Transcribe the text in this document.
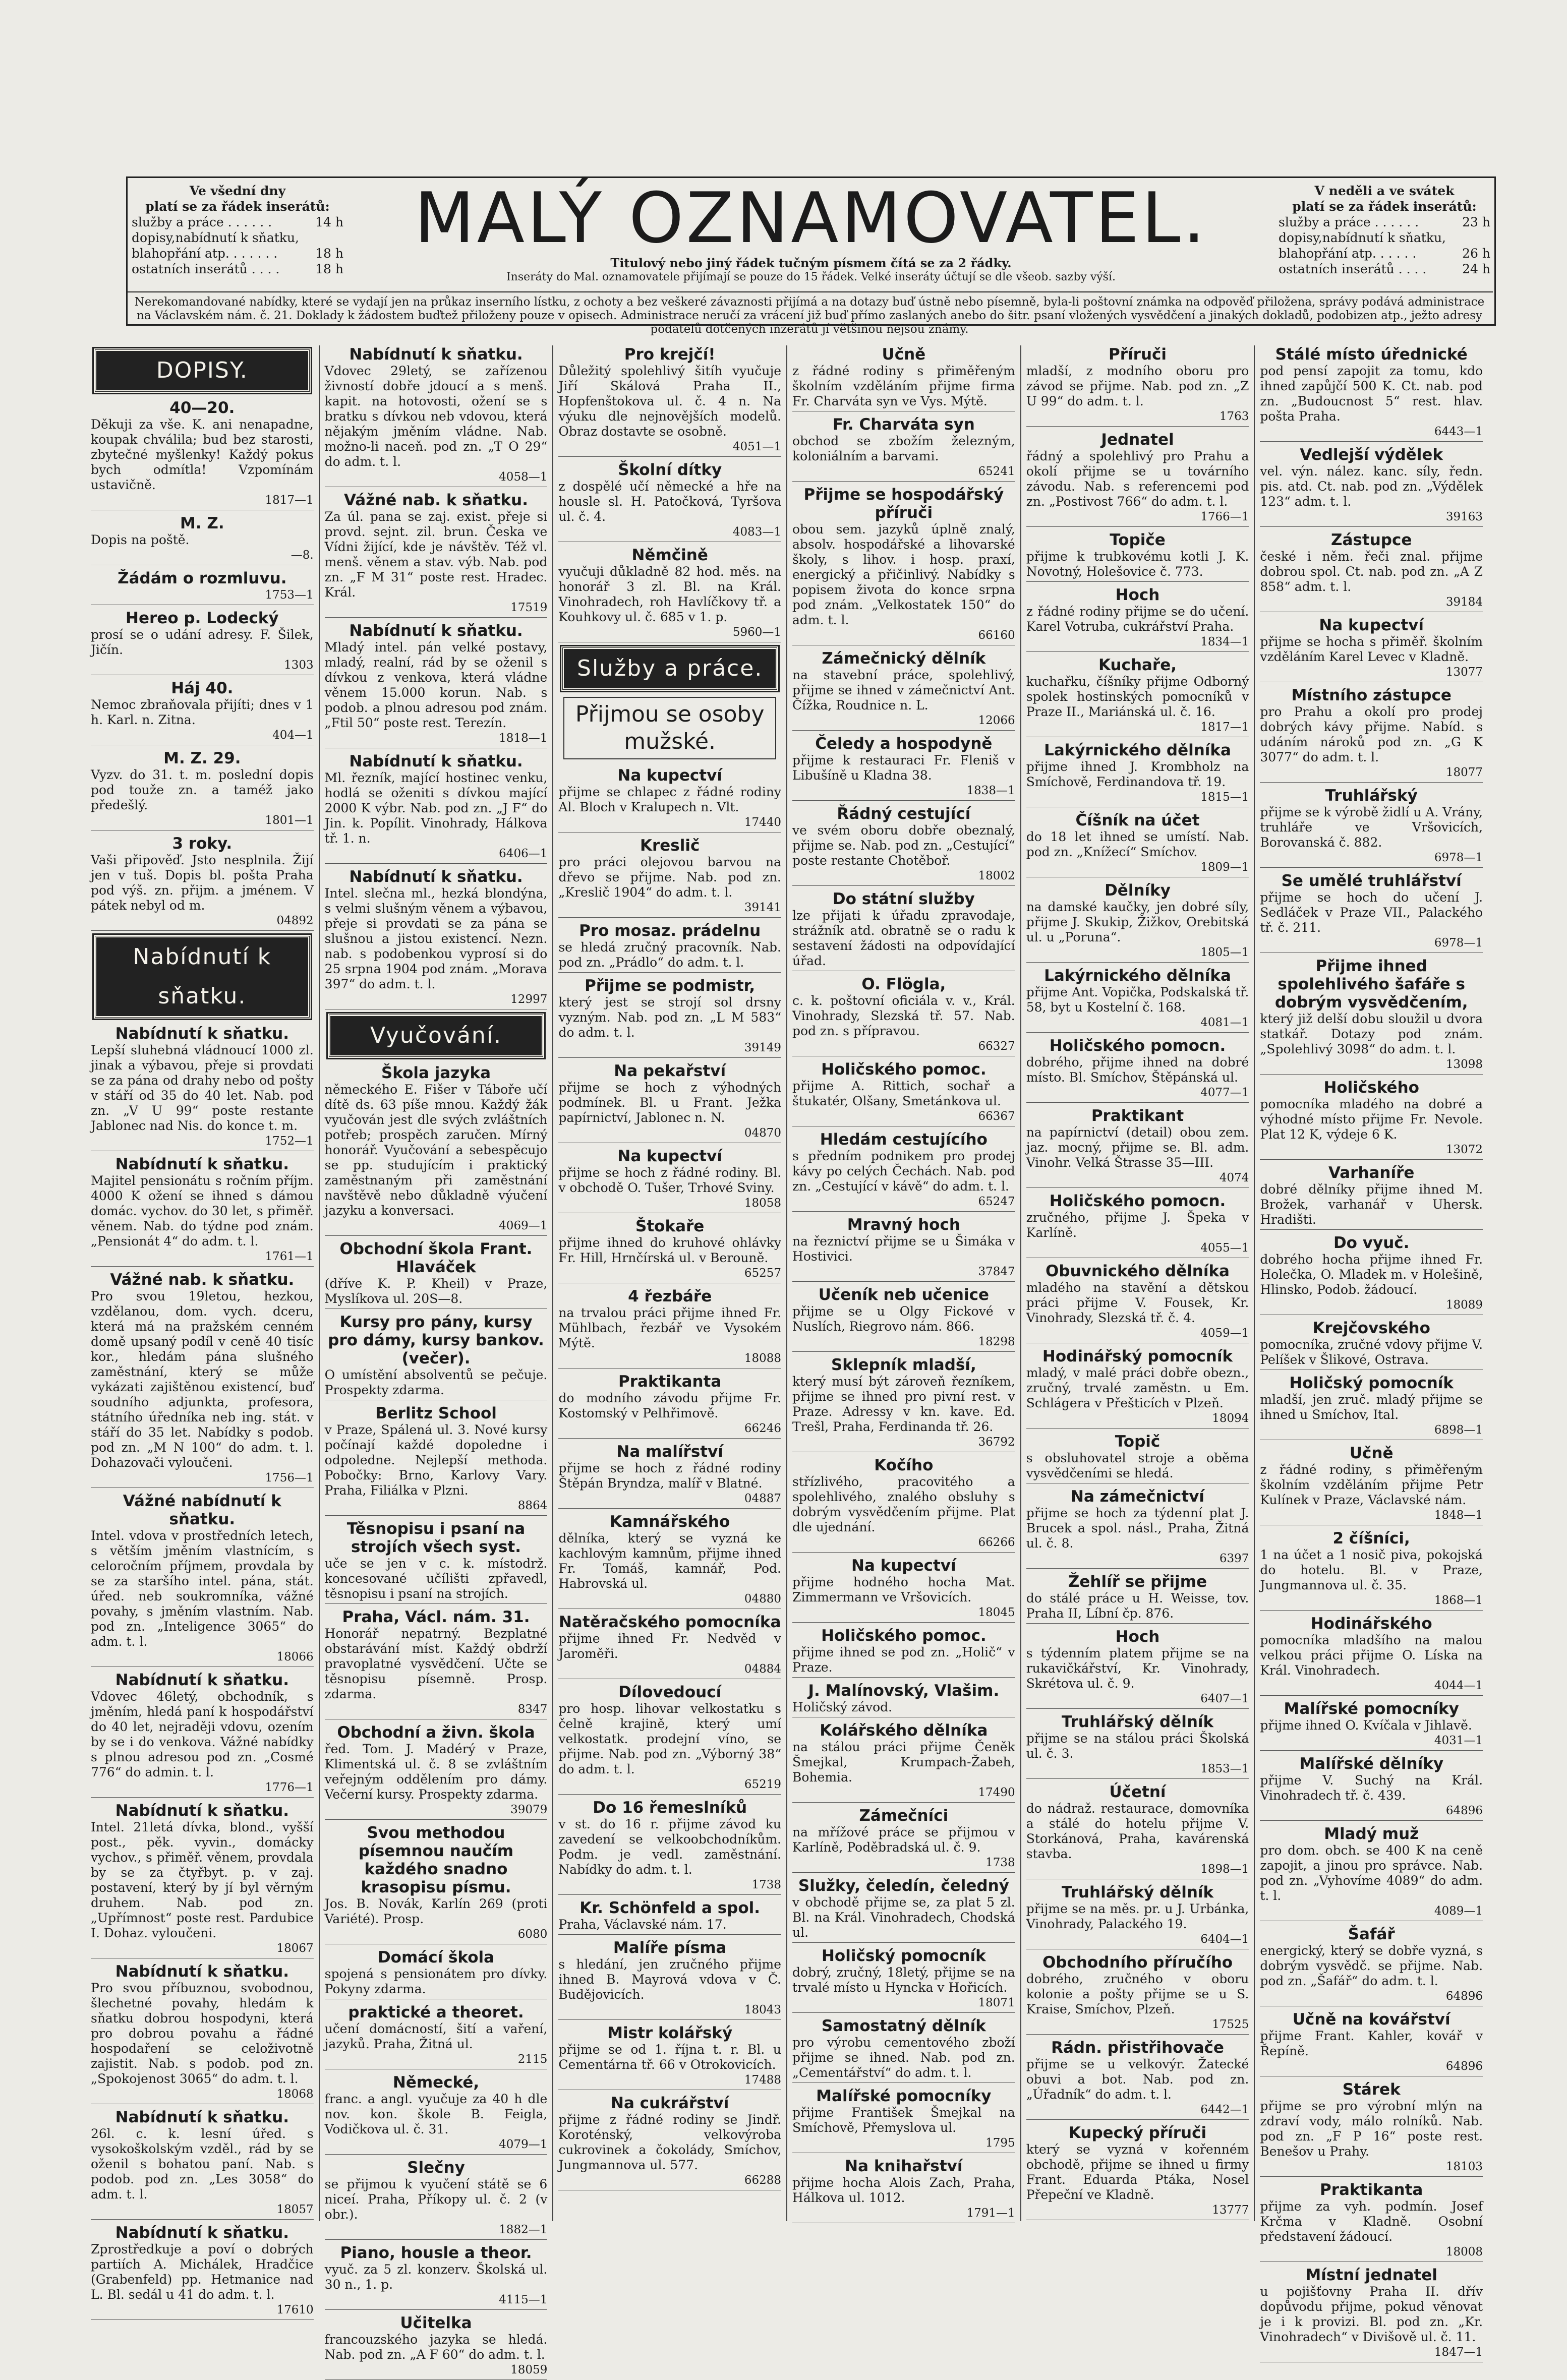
Ve všední dny
platí se za řádek inserátů:
služby a práce . . . . . .	14 h
dopisy,nabídnutí k sňatku,
blahopřání atp. . . . . . .	18 h
ostatních inserátů . . . .	18 h
MALÝ OZNAMOVATEL.
Titulový nebo jiný řádek tučným písmem čítá se za 2 řádky.
Inseráty do Mal. oznamovatele přijímají se pouze do 15 řádek. Velké inseráty účtují se dle všeob. sazby výší.
V neděli a ve svátek
platí se za řádek inserátů:
služby a práce . . . . . .	23 h
dopisy,nabídnutí k sňatku,
blahopřání atp. . . . . .	26 h
ostatních inserátů . . . .	24 h
Nerekomandované nabídky, které se vydají jen na průkaz inserního lístku, z ochoty a bez veškeré závaznosti přijímá a na dotazy buď ústně nebo písemně, byla-li poštovní známka na odpověď přiložena, správy podává administrace na Václavském nám. č. 21. Doklady k žádostem buďtež přiloženy pouze v opisech. Administrace neručí za vrácení již buď přímo zaslaných anebo do šitr. psaní vložených vysvědčení a jinakých dokladů, podobizen atp., ježto adresy podatelů dotčených inzerátů jí většinou nejsou známy.
DOPISY.
40—20.

Děkuji za vše. K. ani nenapadne, koupak chválila; bud bez starosti, zbytečné myšlenky! Každý pokus bych odmítla! Vzpomínám ustavičně.

1817—1
M. Z.

Dopis na poště.

—8.
Žádám o rozmluvu.
1753—1
Hereo p. Lodecký

prosí se o udání adresy. F. Šilek, Jičín.

1303
Háj 40.

Nemoc zbraňovala přijíti; dnes v 1 h. Karl. n. Zitna.

404—1
M. Z. 29.

Vyzv. do 31. t. m. poslední dopis pod touže zn. a taméž jako předešlý.

1801—1
3 roky.

Vaši připověď. Jsto nesplnila. Žijí jen v tuš. Dopis bl. pošta Praha pod výš. zn. přijm. a jménem. V pátek nebyl od m.

04892
Nabídnutí k sňatku.
Nabídnutí k sňatku.

Lepší sluhebná vládnoucí 1000 zl. jinak a výbavou, přeje si provdati se za pána od drahy nebo od pošty v stáří od 35 do 40 let. Nab. pod zn. „V U 99“ poste restante Jablonec nad Nis. do konce t. m.

1752—1
Nabídnutí k sňatku.

Majitel pensionátu s ročním příjm. 4000 K ožení se ihned s dámou domác. vychov. do 30 let, s přiměř. věnem. Nab. do týdne pod znám. „Pensionát 4“ do adm. t. l.

1761—1
Vážné nab. k sňatku.

Pro svou 19letou, hezkou, vzdělanou, dom. vych. dceru, která má na pražském cenném domě upsaný podíl v ceně 40 tisíc kor., hledám pána slušného zaměstnání, který se může vykázati zajištěnou existencí, buď soudního adjunkta, profesora, státního úředníka neb ing. stát. v stáří do 35 let. Nabídky s podob. pod zn. „M N 100“ do adm. t. l. Dohazovači vyloučeni.

1756—1
Vážné nabídnutí k sňatku.

Intel. vdova v prostředních letech, s větším jměním vlastnícím, s celoročním příjmem, provdala by se za staršího intel. pána, stát. úřed. neb soukromníka, vážné povahy, s jměním vlastním. Nab. pod zn. „Inteligence 3065“ do adm. t. l.

18066
Nabídnutí k sňatku.

Vdovec 46letý, obchodník, s jměním, hledá paní k hospodářství do 40 let, nejraději vdovu, ozením by se i do venkova. Vážné nabídky s plnou adresou pod zn. „Cosmé 776“ do admin. t. l.

1776—1
Nabídnutí k sňatku.

Intel. 21letá dívka, blond., vyšší post., pěk. vyvin., domácky vychov., s přiměř. věnem, provdala by se za čtyřbyt. p. v zaj. postavení, který by jí byl věrným druhem. Nab. pod zn. „Upřímnost“ poste rest. Pardubice I. Dohaz. vyloučeni.

18067
Nabídnutí k sňatku.

Pro svou příbuznou, svobodnou, šlechetné povahy, hledám k sňatku dobrou hospodyni, která pro dobrou povahu a řádné hospodaření se celoživotně zajistit. Nab. s podob. pod zn. „Spokojenost 3065“ do adm. t. l.

18068
Nabídnutí k sňatku.

26l. c. k. lesní úřed. s vysokoškolským vzděl., rád by se oženil s bohatou paní. Nab. s podob. pod zn. „Les 3058“ do adm. t. l.

18057
Nabídnutí k sňatku.

Zprostředkuje a poví o dobrých partiích A. Michálek, Hradčice (Grabenfeld) pp. Hetmanice nad L. Bl. sedál u 41 do adm. t. l.

17610
Nabídnutí k sňatku.

Vdovec 29letý, se zařízenou živností dobře jdoucí a s menš. kapit. na hotovosti, ožení se s bratku s dívkou neb vdovou, která nějakým jměním vládne. Nab. možno-li naceň. pod zn. „T O 29“ do adm. t. l.

4058—1
Vážné nab. k sňatku.

Za úl. pana se zaj. exist. přeje si provd. sejnt. zil. brun. Česka ve Vídni žijící, kde je návštěv. Též vl. menš. věnem a stav. výb. Nab. pod zn. „F M 31“ poste rest. Hradec. Král.

17519
Nabídnutí k sňatku.

Mladý intel. pán velké postavy, mladý, realní, rád by se oženil s dívkou z venkova, která vládne věnem 15.000 korun. Nab. s podob. a plnou adresou pod znám. „Ftil 50“ poste rest. Terezín.

1818—1
Nabídnutí k sňatku.

Ml. řezník, mající hostinec venku, hodlá se oženiti s dívkou mající 2000 K výbr. Nab. pod zn. „J F“ do Jin. k. Popílit. Vinohrady, Hálkova tř. 1. n.

6406—1
Nabídnutí k sňatku.

Intel. slečna ml., hezká blondýna, s velmi slušným věnem a výbavou, přeje si provdati se za pána se slušnou a jistou existencí. Nezn. nab. s podobenkou vyprosí si do 25 srpna 1904 pod znám. „Morava 397“ do adm. t. l.

12997
Vyučování.
Škola jazyka

německého E. Fišer v Táboře učí dítě ds. 63 píše mnou. Každý žák vyučován jest dle svých zvláštních potřeb; prospěch zaručen. Mírný honorář. Vyučování a sebespěcujo se pp. studujícím i praktický zaměstnaným při zaměstnání navštěvě nebo důkladně výučení jazyku a konversaci.

4069—1
Obchodní škola Frant. Hlaváček

(dříve K. P. Kheil) v Praze, Myslíkova ul. 20S—8.

Kursy pro pány, kursy pro dámy, kursy bankov. (večer).

O umístění absolventů se pečuje. Prospekty zdarma.

Berlitz School

v Praze, Spálená ul. 3. Nové kursy počínají každé dopoledne i odpoledne. Nejlepší methoda. Pobočky: Brno, Karlovy Vary. Praha, Filiálka v Plzni.

8864
Těsnopisu i psaní na strojích všech syst.

uče se jen v c. k. místodrž. koncesované učílišti zpřavedl, těsnopisu i psaní na strojích.

Praha, Václ. nám. 31.

Honorář nepatrný. Bezplatné obstarávání míst. Každý obdrží pravoplatné vysvědčení. Učte se těsnopisu písemně. Prosp. zdarma.

8347
Obchodní a živn. škola

řed. Tom. J. Madérý v Praze, Klimentská ul. č. 8 se zvláštním veřejným oddělením pro dámy. Večerní kursy. Prospekty zdarma.

39079
Svou methodou písemnou naučím každého snadno krasopisu písmu.

Jos. B. Novák, Karlín 269 (proti Variété). Prosp.

6080
Domácí škola

spojená s pensionátem pro dívky. Pokyny zdarma.

praktické a theoret.

učení domácností, šití a vaření, jazyků. Praha, Žitná ul.

2115
Německé,

franc. a angl. vyučuje za 40 h dle nov. kon. škole B. Feigla, Vodičkova ul. č. 31.

4079—1
Slečny

se přijmou k vyučení státě se 6 niceí. Praha, Příkopy ul. č. 2 (v obr.).

1882—1
Piano, housle a theor.

vyuč. za 5 zl. konzerv. Školská ul. 30 n., 1. p.

4115—1
Učitelka

francouzského jazyka se hledá. Nab. pod zn. „A F 60“ do adm. t. l.

18059
Pro krejčí!

Důležitý spolehlivý šitíh vyučuje Jiří Skálová Praha II., Hopfenštokova ul. č. 4 n. Na výuku dle nejnovějších modelů. Obraz dostavte se osobně.

4051—1
Školní dítky

z dospělé učí německé a hře na housle sl. H. Patočková, Tyršova ul. č. 4.

4083—1
Němčině

vyučuji důkladně 82 hod. měs. na honorář 3 zl. Bl. na Král. Vinohradech, roh Havlíčkovy tř. a Kouhkovy ul. č. 685 v 1. p.

5960—1
Služby a práce.
Přijmou se osoby mužské.
Na kupectví

přijme se chlapec z řádné rodiny Al. Bloch v Kralupech n. Vlt.

17440
Kreslič

pro práci olejovou barvou na dřevo se přijme. Nab. pod zn. „Kreslič 1904“ do adm. t. l.

39141
Pro mosaz. prádelnu

se hledá zručný pracovník. Nab. pod zn. „Prádlo“ do adm. t. l.

Přijme se podmistr,

který jest se strojí sol drsny vyzným. Nab. pod zn. „L M 583“ do adm. t. l.

39149
Na pekařství

přijme se hoch z výhodných podmínek. Bl. u Frant. Ježka papírnictví, Jablonec n. N.

04870
Na kupectví

přijme se hoch z řádné rodiny. Bl. v obchodě O. Tušer, Trhové Sviny.

18058
Štokaře

přijme ihned do kruhové ohlávky Fr. Hill, Hrnčírská ul. v Berouně.

65257
4 řezbáře

na trvalou práci přijme ihned Fr. Mühlbach, řezbář ve Vysokém Mýtě.

18088
Praktikanta

do modního závodu přijme Fr. Kostomský v Pelhřimově.

66246
Na malířství

přijme se hoch z řádné rodiny Štěpán Bryndza, malíř v Blatné.

04887
Kamnářského

dělníka, který se vyzná ke kachlovým kamnům, přijme ihned Fr. Tomáš, kamnář, Pod. Habrovská ul.

04880
Natěračského pomocníka

přijme ihned Fr. Nedvěd v Jaroměři.

04884
Dílovedoucí

pro hosp. lihovar velkostatku s čelně krajině, který umí velkostatk. prodejní víno, se přijme. Nab. pod zn. „Výborný 38“ do adm. t. l.

65219
Do 16 řemeslníků

v st. do 16 r. přijme závod ku zavedení se velkoobchodníkům. Podm. je vedl. zaměstnání. Nabídky do adm. t. l.

1738
Kr. Schönfeld a spol.

Praha, Václavské nám. 17.

Malíře písma

s hledání, jen zručného přijme ihned B. Mayrová vdova v Č. Budějovicích.

18043
Mistr kolářský

přijme se od 1. října t. r. Bl. u Cementárna tř. 66 v Otrokovicích.

17488
Na cukrářství

přijme z řádné rodiny se Jindř. Koroténský, velkovýroba cukrovinek a čokolády, Smíchov, Jungmannova ul. 577.

66288
Učně

z řádné rodiny s přiměřeným školním vzděláním přijme firma Fr. Charváta syn ve Vys. Mýtě.

Fr. Charváta syn

obchod se zbožím železným, koloniálním a barvami.

65241
Přijme se hospodářský příruči

obou sem. jazyků úplně znalý, absolv. hospodářské a lihovarské školy, s lihov. i hosp. praxí, energický a přičinlivý. Nabídky s popisem života do konce srpna pod znám. „Velkostatek 150“ do adm. t. l.

66160
Zámečnický dělník

na stavební práce, spolehlivý, přijme se ihned v zámečnictví Ant. Čížka, Roudnice n. L.

12066
Čeledy a hospodyně

přijme k restauraci Fr. Fleniš v Libušíně u Kladna 38.

1838—1
Řádný cestující

ve svém oboru dobře obeznalý, přijme se. Nab. pod zn. „Cestující“ poste restante Chotěboř.

18002
Do státní služby

lze přijati k úřadu zpravodaje, strážník atd. obratně se o radu k sestavení žádosti na odpovídající úřad.

O. Flögla,

c. k. poštovní oficiála v. v., Král. Vinohrady, Slezská tř. 57. Nab. pod zn. s přípravou.

66327
Holičského pomoc.

přijme A. Rittich, sochař a štukatér, Olšany, Smetánkova ul.

66367
Hledám cestujícího

s předním podnikem pro prodej kávy po celých Čechách. Nab. pod zn. „Cestující v kávě“ do adm. t. l.

65247
Mravný hoch

na řeznictví přijme se u Šimáka v Hostivici.

37847
Učeník neb učenice

přijme se u Olgy Fickové v Nuslích, Riegrovo nám. 866.

18298
Sklepník mladší,

který musí být zároveň řezníkem, přijme se ihned pro pivní rest. v Praze. Adressy v kn. kave. Ed. Trešl, Praha, Ferdinanda tř. 26.

36792
Kočího

střízlivého, pracovitého a spolehlivého, znalého obsluhy s dobrým vysvědčením přijme. Plat dle ujednání.

66266
Na kupectví

přijme hodného hocha Mat. Zimmermann ve Vršovicích.

18045
Holičského pomoc.

přijme ihned se pod zn. „Holič“ v Praze.

J. Malínovský, Vlašim.

Holičský závod.

Kolářského dělníka

na stálou práci přijme Čeněk Šmejkal, Krumpach-Žabeh, Bohemia.

17490
Zámečníci

na mřížové práce se přijmou v Karlíně, Poděbradská ul. č. 9.

1738
Služky, čeledín, čeledný

v obchodě přijme se, za plat 5 zl. Bl. na Král. Vinohradech, Chodská ul.

Holičský pomocník

dobrý, zručný, 18letý, přijme se na trvalé místo u Hyncka v Hořicích.

18071
Samostatný dělník

pro výrobu cementového zboží přijme se ihned. Nab. pod zn. „Cementářství“ do adm. t. l.

Malířské pomocníky

přijme František Šmejkal na Smíchově, Přemyslova ul.

1795
Na knihařství

přijme hocha Alois Zach, Praha, Hálkova ul. 1012.

1791—1
Příruči

mladší, z modního oboru pro závod se přijme. Nab. pod zn. „Z U 99“ do adm. t. l.

1763
Jednatel

řádný a spolehlivý pro Prahu a okolí přijme se u továrního závodu. Nab. s referencemi pod zn. „Postivost 766“ do adm. t. l.

1766—1
Topiče

přijme k trubkovému kotli J. K. Novotný, Holešovice č. 773.

Hoch

z řádné rodiny přijme se do učení. Karel Votruba, cukrářství Praha.

1834—1
Kuchaře,

kuchařku, číšníky přijme Odborný spolek hostinských pomocníků v Praze II., Mariánská ul. č. 16.

1817—1
Lakýrnického dělníka

přijme ihned J. Krombholz na Smíchově, Ferdinandova tř. 19.

1815—1
Číšník na účet

do 18 let ihned se umístí. Nab. pod zn. „Knížecí“ Smíchov.

1809—1
Dělníky

na damské kaučky, jen dobré síly, přijme J. Skukip, Žižkov, Orebitská ul. u „Poruna“.

1805—1
Lakýrnického dělníka

přijme Ant. Vopička, Podskalská tř. 58, byt u Kostelní č. 168.

4081—1
Holičského pomocn.

dobrého, přijme ihned na dobré místo. Bl. Smíchov, Štěpánská ul.

4077—1
Praktikant

na papírnictví (detail) obou zem. jaz. mocný, přijme se. Bl. adm. Vinohr. Velká Štrasse 35—III.

4074
Holičského pomocn.

zručného, přijme J. Špeka v Karlíně.

4055—1
Obuvnického dělníka

mladého na stavění a dětskou práci přijme V. Fousek, Kr. Vinohrady, Slezská tř. č. 4.

4059—1
Hodinářský pomocník

mladý, v malé práci dobře obezn., zručný, trvalé zaměstn. u Em. Schlágera v Přešticích v Plzeň.

18094
Topič

s obsluhovatel stroje a oběma vysvědčeními se hledá.

Na zámečnictví

přijme se hoch za týdenní plat J. Brucek a spol. násl., Praha, Žitná ul. č. 8.

6397
Žehlíř se přijme

do stálé práce u H. Weisse, tov. Praha II, Líbní čp. 876.

Hoch

s týdenním platem přijme se na rukavičkářství, Kr. Vinohrady, Skrétova ul. č. 9.

6407—1
Truhlářský dělník

přijme se na stálou práci Školská ul. č. 3.

1853—1
Účetní

do nádraž. restaurace, domovníka a stálé do hotelu přijme V. Storkánová, Praha, kavárenská stavba.

1898—1
Truhlářský dělník

přijme se na měs. pr. u J. Urbánka, Vinohrady, Palackého 19.

6404—1
Obchodního příručího

dobrého, zručného v oboru kolonie a pošty přijme se u S. Kraise, Smíchov, Plzeň.

17525
Rádn. přistřihovače

přijme se u velkovýr. Žatecké obuvi a bot. Nab. pod zn. „Úřadník“ do adm. t. l.

6442—1
Kupecký příruči

který se vyzná v kořenném obchodě, přijme se ihned u firmy Frant. Eduarda Ptáka, Nosel Přepeční ve Kladně.

13777
Stálé místo úřednické

pod pensí zapojit za tomu, kdo ihned zapůjčí 500 K. Ct. nab. pod zn. „Budoucnost 5“ rest. hlav. pošta Praha.

6443—1
Vedlejší výdělek

vel. výn. nález. kanc. síly, ředn. pis. atd. Ct. nab. pod zn. „Výdělek 123“ adm. t. l.

39163
Zástupce

české i něm. řeči znal. přijme dobrou spol. Ct. nab. pod zn. „A Z 858“ adm. t. l.

39184
Na kupectví

přijme se hocha s přiměř. školním vzděláním Karel Levec v Kladně.

13077
Místního zástupce

pro Prahu a okolí pro prodej dobrých kávy přijme. Nabíd. s udáním nároků pod zn. „G K 3077“ do adm. t. l.

18077
Truhlářský

přijme se k výrobě židlí u A. Vrány, truhláře ve Vršovicích, Borovanská č. 882.

6978—1
Se umělé truhlářství

přijme se hoch do učení J. Sedláček v Praze VII., Palackého tř. č. 211.

6978—1
Přijme ihned spolehlivého šafáře s dobrým vysvědčením,

který již delší dobu sloužil u dvora statkář. Dotazy pod znám. „Spolehlivý 3098“ do adm. t. l.

13098
Holičského

pomocníka mladého na dobré a výhodné místo přijme Fr. Nevole. Plat 12 K, výdeje 6 K.

13072
Varhaníře

dobré dělníky přijme ihned M. Brožek, varhanář v Uhersk. Hradišti.

Do vyuč.

dobrého hocha přijme ihned Fr. Holečka, O. Mladek m. v Holešině, Hlinsko, Podob. žádoucí.

18089
Krejčovského

pomocníka, zručné vdovy přijme V. Pelíšek v Šlikové, Ostrava.

Holičský pomocník

mladší, jen zruč. mladý přijme se ihned u Smíchov, Ital.

6898—1
Učně

z řádné rodiny, s přiměřeným školním vzděláním přijme Petr Kulínek v Praze, Václavské nám.

1848—1
2 číšníci,

1 na účet a 1 nosič piva, pokojská do hotelu. Bl. v Praze, Jungmannova ul. č. 35.

1868—1
Hodinářského

pomocníka mladšího na malou velkou práci přijme O. Líska na Král. Vinohradech.

4044—1
Malířské pomocníky

přijme ihned O. Kvíčala v Jihlavě.

4031—1
Malířské dělníky

přijme V. Suchý na Král. Vinohradech tř. č. 439.

64896
Mladý muž

pro dom. obch. se 400 K na ceně zapojit, a jinou pro správce. Nab. pod zn. „Vyhovíme 4089“ do adm. t. l.

4089—1
Šafář

energický, který se dobře vyzná, s dobrým vysvědč. se přijme. Nab. pod zn. „Šafář“ do adm. t. l.

64896
Učně na kovářství

přijme Frant. Kahler, kovář v Řepíně.

64896
Stárek

přijme se pro výrobní mlýn na zdraví vody, málo rolníků. Nab. pod zn. „F P 16“ poste rest. Benešov u Prahy.

18103
Praktikanta

přijme za vyh. podmín. Josef Krčma v Kladně. Osobní představení žádoucí.

18008
Místní jednatel

u pojišťovny Praha II. dřív dopůvodu přijme, pokud věnovat je i k provizi. Bl. pod zn. „Kr. Vinohradech“ v Divišově ul. č. 11.

1847—1
